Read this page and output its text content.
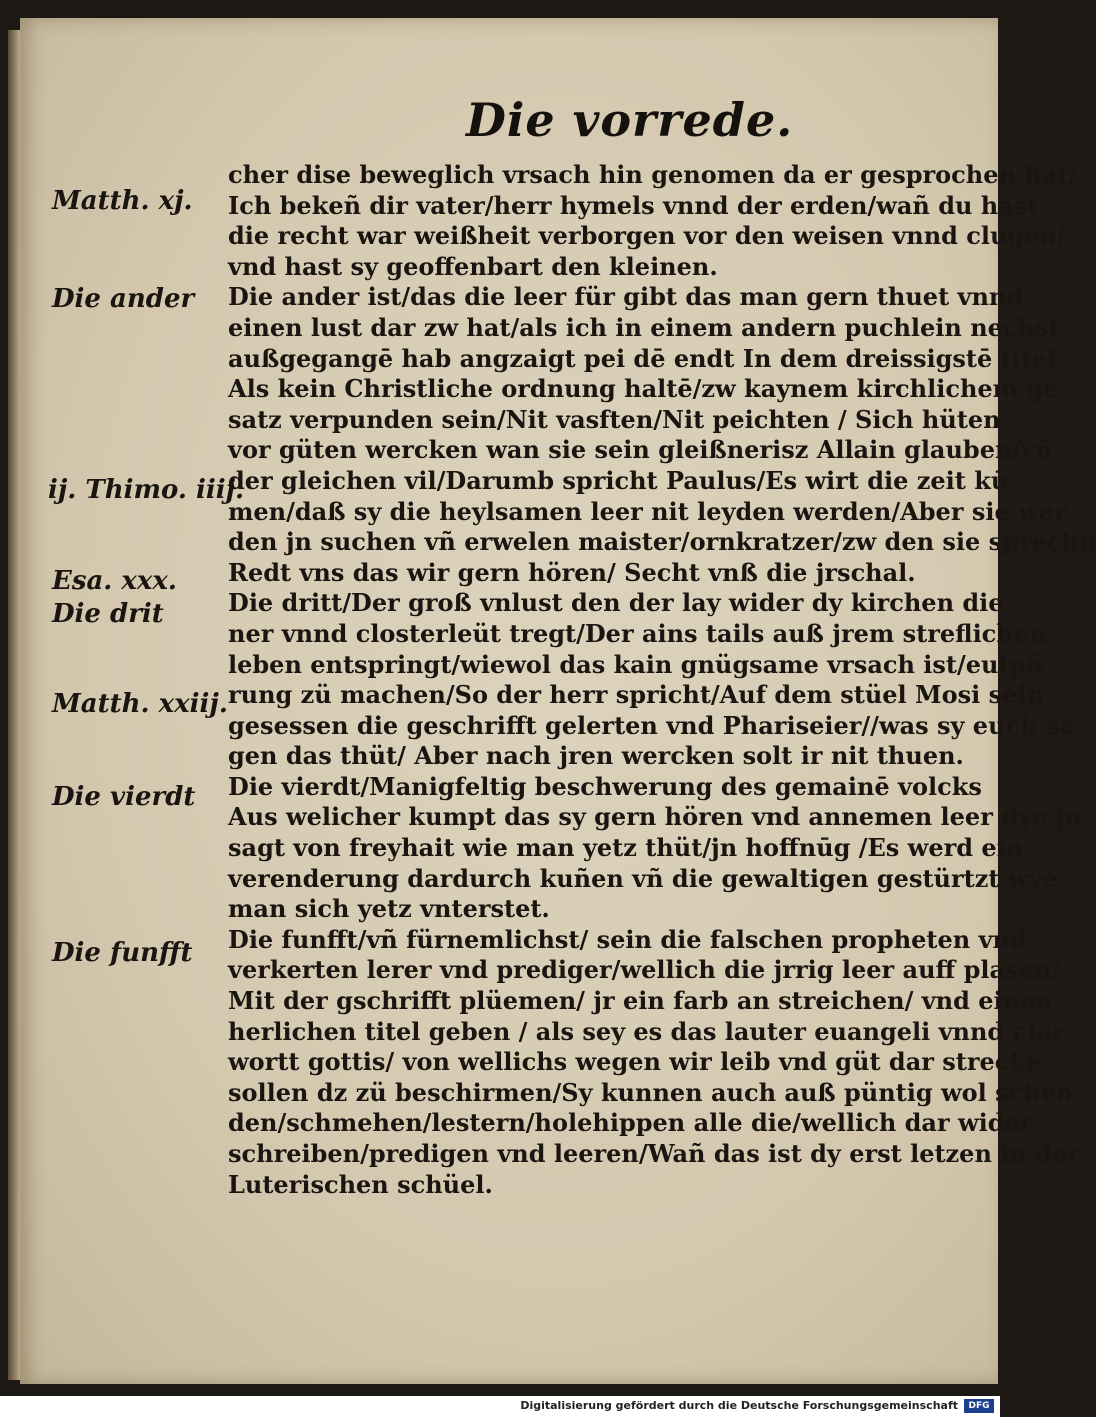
Die vorrede.
Matth. xj.
Die ander
ij. Thimo. iiij.
Esa. xxx.
Die drit
Matth. xxiij.
Die vierdt
Die funfft
cher dise beweglich vrsach hin genomen da er gesprochen hat/
Ich bekeñ dir vater/herr hymels vnnd der erden/wañ du hast
die recht war weißheit verborgen vor den weisen vnnd clugen/
vnd hast sy geoffenbart den kleinen.
Die ander ist/das die leer für gibt das man gern thuet vnnd
einen lust dar zw hat/als ich in einem andern puchlein nechst
außgegangē hab angzaigt pei dē endt In dem dreissigstē titel
Als kein Christliche ordnung haltē/zw kaynem kirchlichem ge
satz verpunden sein/Nit vasften/Nit peichten / Sich hüten
vor güten wercken wan sie sein gleißnerisz Allain glauben/vñ
der gleichen vil/Darumb spricht Paulus/Es wirt die zeit kū
men/daß sy die heylsamen leer nit leyden werden/Aber sie wer
den jn suchen vñ erwelen maister/ornkratzer/zw den sie sprechñ
Redt vns das wir gern hören/ Secht vnß die jrschal.
Die dritt/Der groß vnlust den der lay wider dy kirchen die
ner vnnd closterleüt tregt/Der ains tails auß jrem streflichen
leben entspringt/wiewol das kain gnügsame vrsach ist/eutpö
rung zü machen/So der herr spricht/Auf dem stüel Mosi sein
gesessen die geschrifft gelerten vnd Phariseier//was sy euch sa
gen das thüt/ Aber nach jren wercken solt ir nit thuen.
Die vierdt/Manigfeltig beschwerung des gemainē volcks
Aus welicher kumpt das sy gern hören vnd annemen leer dye jñ
sagt von freyhait wie man yetz thüt/jn hoffnūg /Es werd ein
verenderung dardurch kuñen vñ die gewaltigen gestürtzt wye
man sich yetz vnterstet.
Die funfft/vñ fürnemlichst/ sein die falschen propheten vnd
verkerten lerer vnd prediger/wellich die jrrig leer auff plasen/
Mit der gschrifft plüemen/ jr ein farb an streichen/ vnd einen
herlichen titel geben / als sey es das lauter euangeli vnnd clar
wortt gottis/ von wellichs wegen wir leib vnd güt dar streckē
sollen dz zü beschirmen/Sy kunnen auch auß püntig wol schen
den/schmehen/lestern/holehippen alle die/wellich dar wider
schreiben/predigen vnd leeren/Wañ das ist dy erst letzen in der
Luterischen schüel.
Digitalisierung gefördert durch die Deutsche Forschungsgemeinschaft	DFG
